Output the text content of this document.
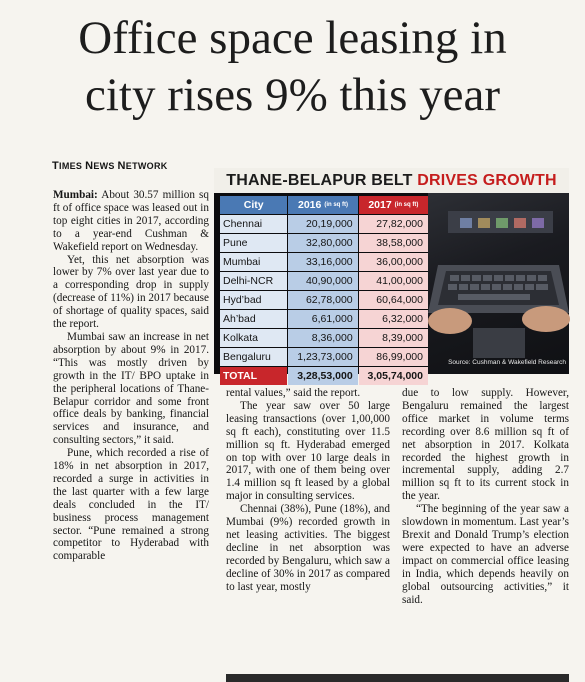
Office space leasing in
city rises 9% this year
TIMES NEWS NETWORK

Mumbai: About 30.57 million sq ft of office space was leased out in top eight cities in 2017, according to a year-end Cushman & Wakefield report on Wednesday.

Yet, this net absorption was lower by 7% over last year due to a corresponding drop in supply (decrease of 11%) in 2017 because of shortage of quality spaces, said the report.

Mumbai saw an increase in net absorption by about 9% in 2017. “This was mostly driven by growth in the IT/ BPO uptake in the peripheral locations of Thane-Belapur corridor and some front office deals by banking, financial services and insurance, and consulting sectors,” it said.

Pune, which recorded a rise of 18% in net absorption in 2017, recorded a surge in activities in the last quarter with a few large deals concluded in the IT/ business process management sector. “Pune remained a strong competitor to Hyderabad with comparable

rental values,” said the report.

The year saw over 50 large leasing transactions (over 1,00,000 sq ft each), constituting over 11.5 million sq ft. Hyderabad emerged on top with over 10 large deals in 2017, with one of them being over 1.4 million sq ft leased by a global major in consulting services.

Chennai (38%), Pune (18%), and Mumbai (9%) recorded growth in net leasing activities. The biggest decline in net absorption was recorded by Bengaluru, which saw a decline of 30% in 2017 as compared to last year, mostly

due to low supply. However, Bengaluru remained the largest office market in volume terms recording over 8.6 million sq ft of net absorption in 2017. Kolkata recorded the highest growth in incremental supply, adding 2.7 million sq ft to its current stock in the year.

“The beginning of the year saw a slowdown in momentum. Last year’s Brexit and Donald Trump’s election were expected to have an adverse impact on commercial office leasing in India, which depends heavily on global outsourcing activities,” it said.

THANE-BELAPUR BELT DRIVES GROWTH
City	2016 (in sq ft) 2017 (in sq ft)
Chennai	20,19,000	27,82,000
Pune	32,80,000	38,58,000
Mumbai	33,16,000	36,00,000
Delhi-NCR	40,90,000	41,00,000
Hyd’bad	62,78,000	60,64,000
Ah’bad	6,61,000	6,32,000
Kolkata	8,36,000	8,39,000
Bengaluru	1,23,73,000	86,99,000
TOTAL	3,28,53,000	3,05,74,000
Source: Cushman & Wakefield Research
